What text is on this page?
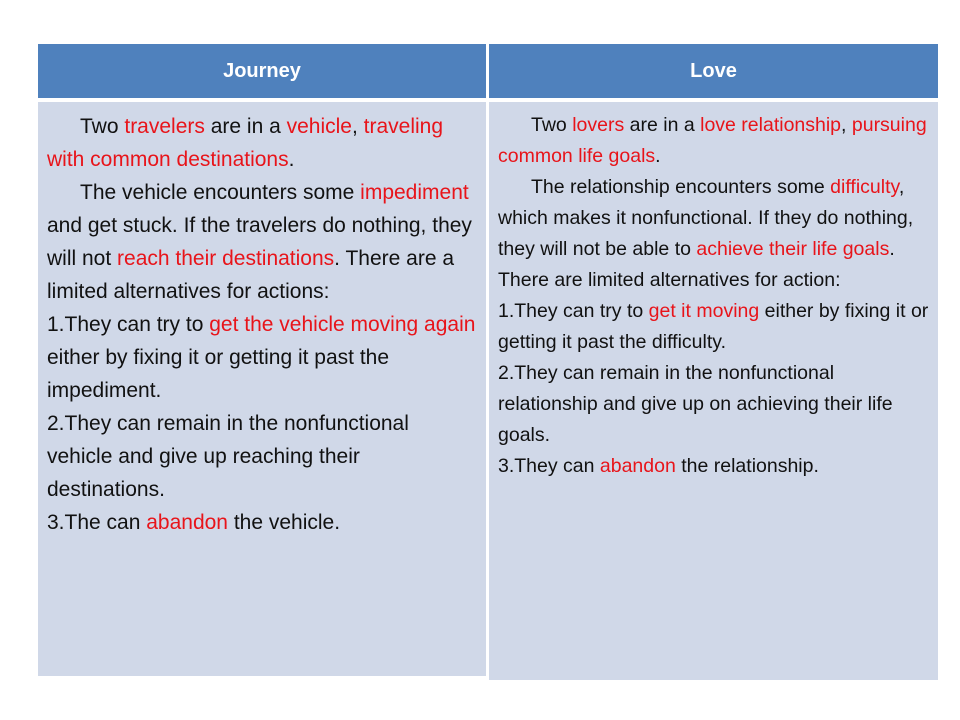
Journey	Love

Two travelers are in a vehicle, traveling with common destinations.

The vehicle encounters some impediment and get stuck. If the travelers do nothing, they will not reach their destinations. There are a limited alternatives for actions:

1.They can try to get the vehicle moving again either by fixing it or getting it past the impediment.

2.They can remain in the nonfunctional vehicle and give up reaching their destinations.

3.The can abandon the vehicle.

Two lovers are in a love relationship, pursuing common life goals.

The relationship encounters some difficulty, which makes it nonfunctional. If they do nothing, they will not be able to achieve their life goals. There are limited alternatives for action:

1.They can try to get it moving either by fixing it or getting it past the difficulty.

2.They can remain in the nonfunctional relationship and give up on achieving their life goals.

3.They can abandon the relationship.
